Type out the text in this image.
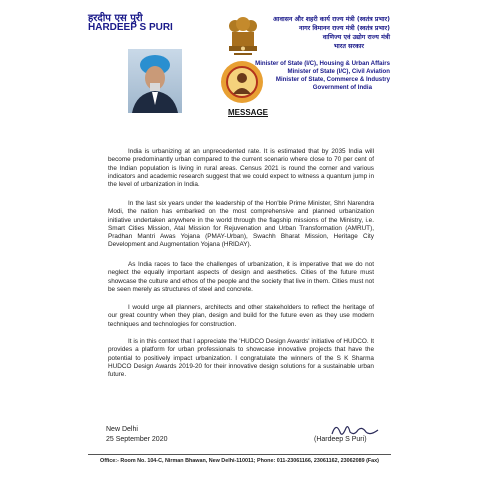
हरदीप एस पुरी
HARDEEP S PURI
MESSAGE
आवासन और शहरी कार्य राज्य मंत्री (स्वतंत्र प्रभार)
नागर विमानन राज्य मंत्री (स्वतंत्र प्रभार)
वाणिज्य एवं उद्योग राज्य मंत्री
भारत सरकार
Minister of State (I/C), Housing & Urban Affairs
Minister of State (I/C), Civil Aviation
Minister of State, Commerce & Industry
Government of India

India is urbanizing at an unprecedented rate. It is estimated that by 2035 India will become predominantly urban compared to the current scenario where close to 70 per cent of the Indian population is living in rural areas. Census 2021 is round the corner and various indicators and academic research suggest that we could expect to witness a quantum jump in the level of urbanization in India.

In the last six years under the leadership of the Hon'ble Prime Minister, Shri Narendra Modi, the nation has embarked on the most comprehensive and planned urbanization initiative undertaken anywhere in the world through the flagship missions of the Ministry, i.e. Smart Cities Mission, Atal Mission for Rejuvenation and Urban Transformation (AMRUT), Pradhan Mantri Awas Yojana (PMAY-Urban), Swachh Bharat Mission, Heritage City Development and Augmentation Yojana (HRIDAY).

As India races to face the challenges of urbanization, it is imperative that we do not neglect the equally important aspects of design and aesthetics. Cities of the future must showcase the culture and ethos of the people and the society that live in them. Cities must not be seen merely as structures of steel and concrete.

I would urge all planners, architects and other stakeholders to reflect the heritage of our great country when they plan, design and build for the future even as they use modern techniques and technologies for construction.

It is in this context that I appreciate the 'HUDCO Design Awards' initiative of HUDCO. It provides a platform for urban professionals to showcase innovative projects that have the potential to positively impact urbanization. I congratulate the winners of the S K Sharma HUDCO Design Awards 2019-20 for their innovative design solutions for a sustainable urban future.

New Delhi
25 September 2020	(Hardeep S Puri)
Office:- Room No. 104-C, Nirman Bhawan, New Delhi-110011; Phone: 011-23061166, 23061162, 23062089 (Fax)
